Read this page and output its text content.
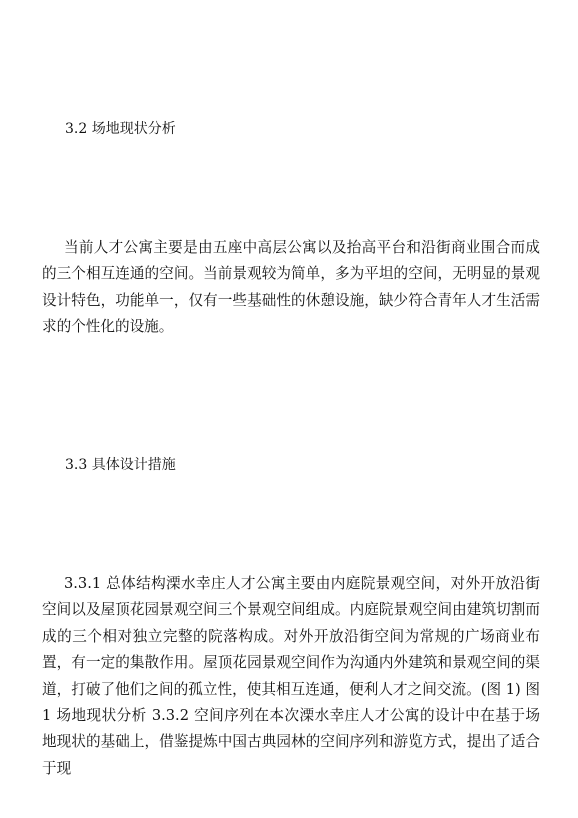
3.2 场地现状分析

当前人才公寓主要是由五座中高层公寓以及抬高平台和沿街商业围合而成的三个相互连通的空间。当前景观较为简单，多为平坦的空间，无明显的景观设计特色，功能单一，仅有一些基础性的休憩设施，缺少符合青年人才生活需求的个性化的设施。

3.3 具体设计措施

3.3.1 总体结构溧水幸庄人才公寓主要由内庭院景观空间，对外开放沿街空间以及屋顶花园景观空间三个景观空间组成。内庭院景观空间由建筑切割而成的三个相对独立完整的院落构成。对外开放沿街空间为常规的广场商业布置，有一定的集散作用。屋顶花园景观空间作为沟通内外建筑和景观空间的渠道，打破了他们之间的孤立性，使其相互连通，便利人才之间交流。(图 1) 图 1 场地现状分析 3.3.2 空间序列在本次溧水幸庄人才公寓的设计中在基于场地现状的基础上，借鉴提炼中国古典园林的空间序列和游览方式，提出了适合于现
